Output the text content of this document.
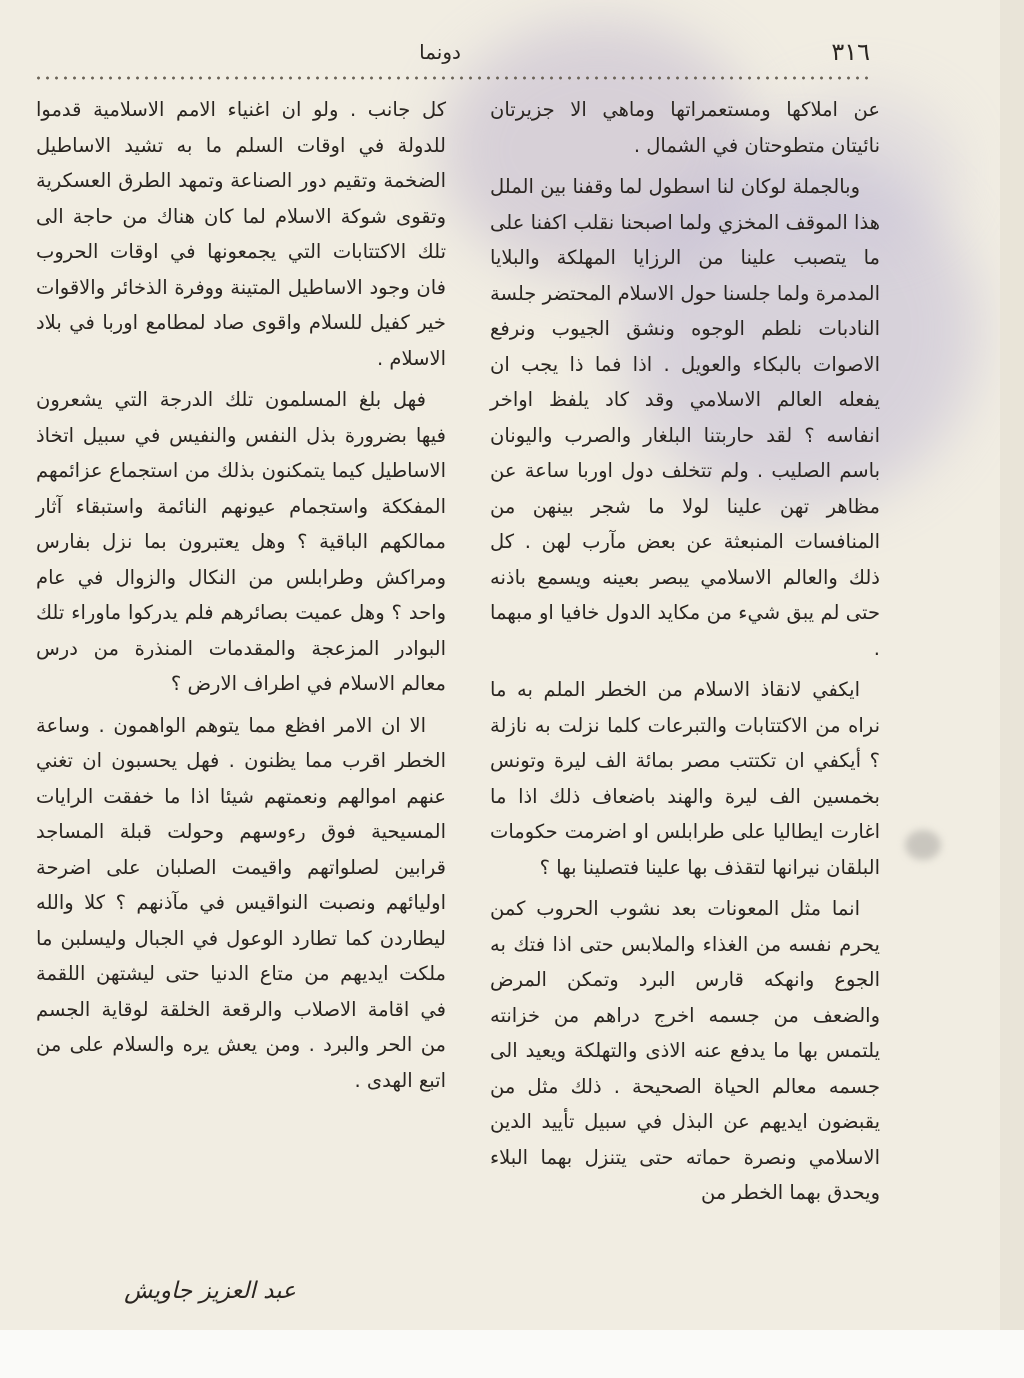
٣١٦
دونما

عن املاكها ومستعمراتها وماهي الا جزيرتان نائيتان متطوحتان في الشمال .

وبالجملة لوكان لنا اسطول لما وقفنا بين الملل هذا الموقف المخزي ولما اصبحنا نقلب اكفنا على ما يتصبب علينا من الرزايا المهلكة والبلايا المدمرة ولما جلسنا حول الاسلام المحتضر جلسة النادبات نلطم الوجوه ونشق الجيوب ونرفع الاصوات بالبكاء والعويل . اذا فما ذا يجب ان يفعله العالم الاسلامي وقد كاد يلفظ اواخر انفاسه ؟ لقد حاربتنا البلغار والصرب واليونان باسم الصليب . ولم تتخلف دول اوربا ساعة عن مظاهر تهن علينا لولا ما شجر بينهن من المنافسات المنبعثة عن بعض مآرب لهن . كل ذلك والعالم الاسلامي يبصر بعينه ويسمع باذنه حتى لم يبق شيء من مكايد الدول خافيا او مبهما .

ايكفي لانقاذ الاسلام من الخطر الملم به ما نراه من الاكتتابات والتبرعات كلما نزلت به نازلة ؟ أيكفي ان تكتتب مصر بمائة الف ليرة وتونس بخمسين الف ليرة والهند باضعاف ذلك اذا ما اغارت ايطاليا على طرابلس او اضرمت حكومات البلقان نيرانها لتقذف بها علينا فتصلينا بها ؟

انما مثل المعونات بعد نشوب الحروب كمن يحرم نفسه من الغذاء والملابس حتى اذا فتك به الجوع وانهكه قارس البرد وتمكن المرض والضعف من جسمه اخرج دراهم من خزانته يلتمس بها ما يدفع عنه الاذى والتهلكة ويعيد الى جسمه معالم الحياة الصحيحة . ذلك مثل من يقبضون ايديهم عن البذل في سبيل تأييد الدين الاسلامي ونصرة حماته حتى يتنزل بهما البلاء ويحدق بهما الخطر من

كل جانب . ولو ان اغنياء الامم الاسلامية قدموا للدولة في اوقات السلم ما به تشيد الاساطيل الضخمة وتقيم دور الصناعة وتمهد الطرق العسكرية وتقوى شوكة الاسلام لما كان هناك من حاجة الى تلك الاكتتابات التي يجمعونها في اوقات الحروب فان وجود الاساطيل المتينة ووفرة الذخائر والاقوات خير كفيل للسلام واقوى صاد لمطامع اوربا في بلاد الاسلام .

فهل بلغ المسلمون تلك الدرجة التي يشعرون فيها بضرورة بذل النفس والنفيس في سبيل اتخاذ الاساطيل كيما يتمكنون بذلك من استجماع عزائمهم المفككة واستجمام عيونهم النائمة واستبقاء آثار ممالكهم الباقية ؟ وهل يعتبرون بما نزل بفارس ومراكش وطرابلس من النكال والزوال في عام واحد ؟ وهل عميت بصائرهم فلم يدركوا ماوراء تلك البوادر المزعجة والمقدمات المنذرة من درس معالم الاسلام في اطراف الارض ؟

الا ان الامر افظع مما يتوهم الواهمون . وساعة الخطر اقرب مما يظنون . فهل يحسبون ان تغني عنهم اموالهم ونعمتهم شيئا اذا ما خفقت الرايات المسيحية فوق رءوسهم وحولت قبلة المساجد قرابين لصلواتهم واقيمت الصلبان على اضرحة اوليائهم ونصبت النواقيس في مآذنهم ؟ كلا والله ليطاردن كما تطارد الوعول في الجبال وليسلبن ما ملكت ايديهم من متاع الدنيا حتى ليشتهن اللقمة في اقامة الاصلاب والرقعة الخلقة لوقاية الجسم من الحر والبرد . ومن يعش يره والسلام على من اتبع الهدى .

عبد العزيز جاويش
